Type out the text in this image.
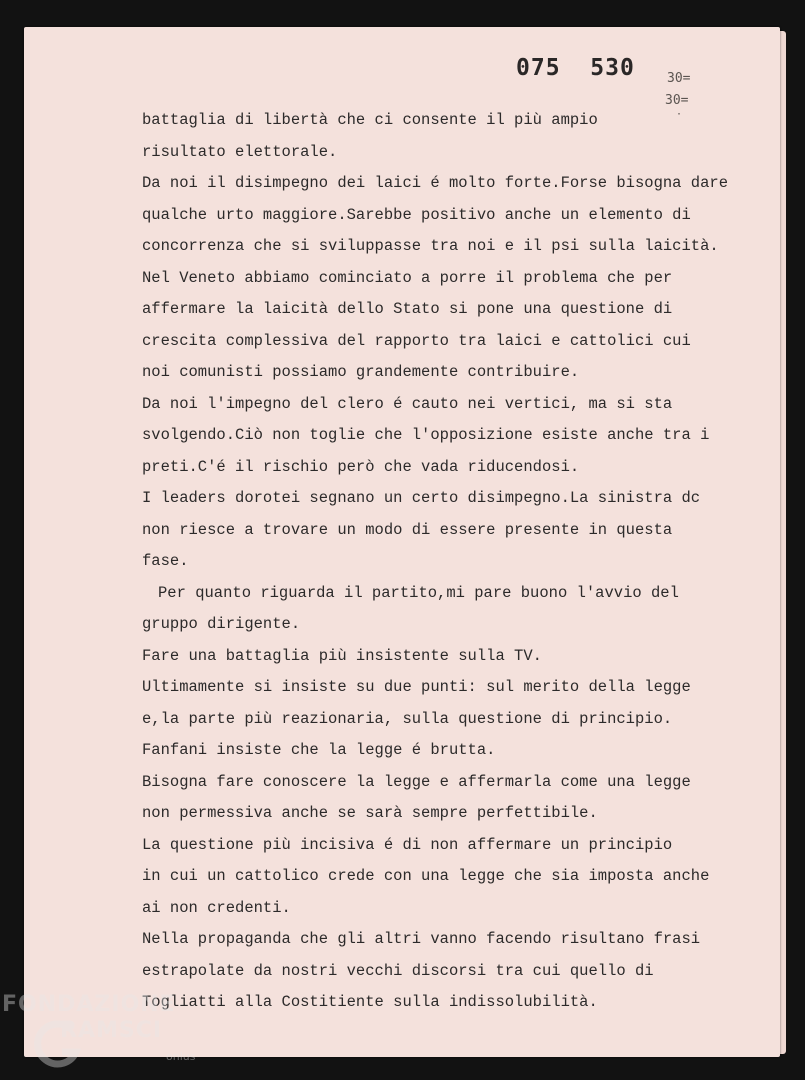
075 530 30=
30=
·
battaglia di libertà che ci consente il più ampio
risultato elettorale.
Da noi il disimpegno dei laici é molto forte.Forse bisogna dare
qualche urto maggiore.Sarebbe positivo anche un elemento di
concorrenza che si sviluppasse tra noi e il psi sulla laicità.
Nel Veneto abbiamo cominciato a porre il problema che per
affermare la laicità dello Stato si pone una questione di
crescita complessiva del rapporto tra laici e cattolici cui
noi comunisti possiamo grandemente contribuire.
Da noi l'impegno del clero é cauto nei vertici, ma si sta
svolgendo.Ciò non toglie che l'opposizione esiste anche tra i
preti.C'é il rischio però che vada riducendosi.
I leaders dorotei segnano un certo disimpegno.La sinistra dc
non riesce a trovare un modo di essere presente in questa
fase.
Per quanto riguarda il partito,mi pare buono l'avvio del
gruppo dirigente.
Fare una battaglia più insistente sulla TV.
Ultimamente si insiste su due punti: sul merito della legge
e,la parte più reazionaria, sulla questione di principio.
Fanfani insiste che la legge é brutta.
Bisogna fare conoscere la legge e affermarla come una legge
non permessiva anche se sarà sempre perfettibile.
La questione più incisiva é di non affermare un principio
in cui un cattolico crede con una legge che sia imposta anche
ai non credenti.
Nella propaganda che gli altri vanno facendo risultano frasi
estrapolate da nostri vecchi discorsi tra cui quello di
Togliatti alla Costitiente sulla indissolubilità.
FONDAZIONE
RAMSCI
onlus
